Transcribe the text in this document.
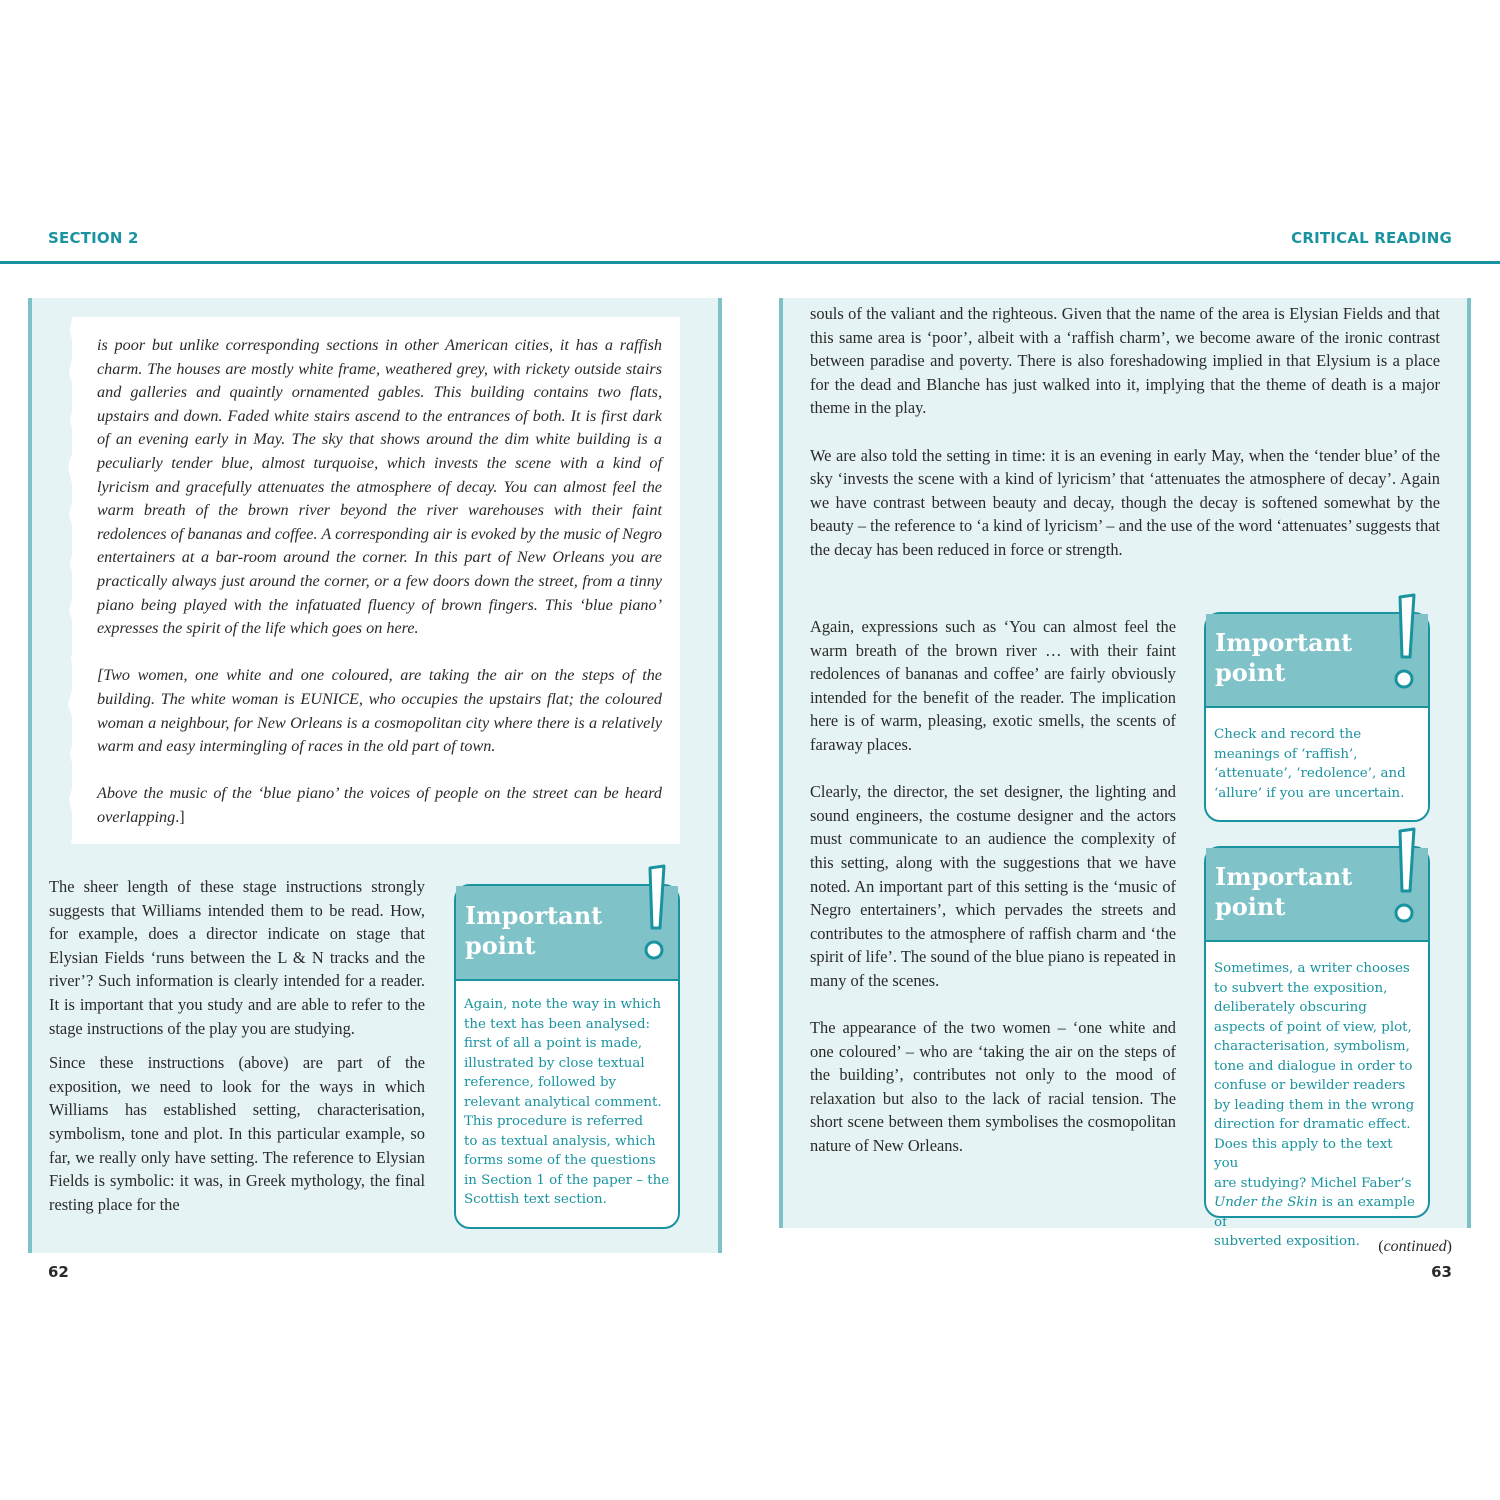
SECTION 2	CRITICAL READING

is poor but unlike corresponding sections in other American cities, it has a raffish charm. The houses are mostly white frame, weathered grey, with rickety outside stairs and galleries and quaintly ornamented gables. This building contains two flats, upstairs and down. Faded white stairs ascend to the entrances of both. It is first dark of an evening early in May. The sky that shows around the dim white building is a peculiarly tender blue, almost turquoise, which invests the scene with a kind of lyricism and gracefully attenuates the atmosphere of decay. You can almost feel the warm breath of the brown river beyond the river warehouses with their faint redolences of bananas and coffee. A corresponding air is evoked by the music of Negro entertainers at a bar-room around the corner. In this part of New Orleans you are practically always just around the corner, or a few doors down the street, from a tinny piano being played with the infatuated fluency of brown fingers. This ‘blue piano’ expresses the spirit of the life which goes on here.

[Two women, one white and one coloured, are taking the air on the steps of the building. The white woman is EUNICE, who occupies the upstairs flat; the coloured woman a neighbour, for New Orleans is a cosmopolitan city where there is a relatively warm and easy intermingling of races in the old part of town.

Above the music of the ‘blue piano’ the voices of people on the street can be heard overlapping.]

The sheer length of these stage instructions strongly suggests that Williams intended them to be read. How, for example, does a director indicate on stage that Elysian Fields ‘runs between the L & N tracks and the river’? Such information is clearly intended for a reader. It is important that you study and are able to refer to the stage instructions of the play you are studying.

Since these instructions (above) are part of the exposition, we need to look for the ways in which Williams has established setting, characterisation, symbolism, tone and plot. In this particular example, so far, we really only have setting. The reference to Elysian Fields is symbolic: it was, in Greek mythology, the final resting place for the

Important
point
Again, note the way in which
the text has been analysed:
first of all a point is made,
illustrated by close textual
reference, followed by
relevant analytical comment.
This procedure is referred
to as textual analysis, which
forms some of the questions
in Section 1 of the paper – the
Scottish text section.

souls of the valiant and the righteous. Given that the name of the area is Elysian Fields and that this same area is ‘poor’, albeit with a ‘raffish charm’, we become aware of the ironic contrast between paradise and poverty. There is also foreshadowing implied in that Elysium is a place for the dead and Blanche has just walked into it, implying that the theme of death is a major theme in the play.

We are also told the setting in time: it is an evening in early May, when the ‘tender blue’ of the sky ‘invests the scene with a kind of lyricism’ that ‘attenuates the atmosphere of decay’. Again we have contrast between beauty and decay, though the decay is softened somewhat by the beauty – the reference to ‘a kind of lyricism’ – and the use of the word ‘attenuates’ suggests that the decay has been reduced in force or strength.

Again, expressions such as ‘You can almost feel the warm breath of the brown river … with their faint redolences of bananas and coffee’ are fairly obviously intended for the benefit of the reader. The implication here is of warm, pleasing, exotic smells, the scents of faraway places.

Clearly, the director, the set designer, the lighting and sound engineers, the costume designer and the actors must communicate to an audience the complexity of this setting, along with the suggestions that we have noted. An important part of this setting is the ‘music of Negro entertainers’, which pervades the streets and contributes to the atmosphere of raffish charm and ‘the spirit of life’. The sound of the blue piano is repeated in many of the scenes.

The appearance of the two women – ‘one white and one coloured’ – who are ‘taking the air on the steps of the building’, contributes not only to the mood of relaxation but also to the lack of racial tension. The short scene between them symbolises the cosmopolitan nature of New Orleans.

Important
point
Check and record the
meanings of ‘raffish’,
‘attenuate’, ‘redolence’, and
‘allure’ if you are uncertain.
Important
point
Sometimes, a writer chooses
to subvert the exposition,
deliberately obscuring
aspects of point of view, plot,
characterisation, symbolism,
tone and dialogue in order to
confuse or bewilder readers
by leading them in the wrong
direction for dramatic effect.
Does this apply to the text you
are studying? Michel Faber’s
Under the Skin is an example of
subverted exposition.	(continued)
62	63
